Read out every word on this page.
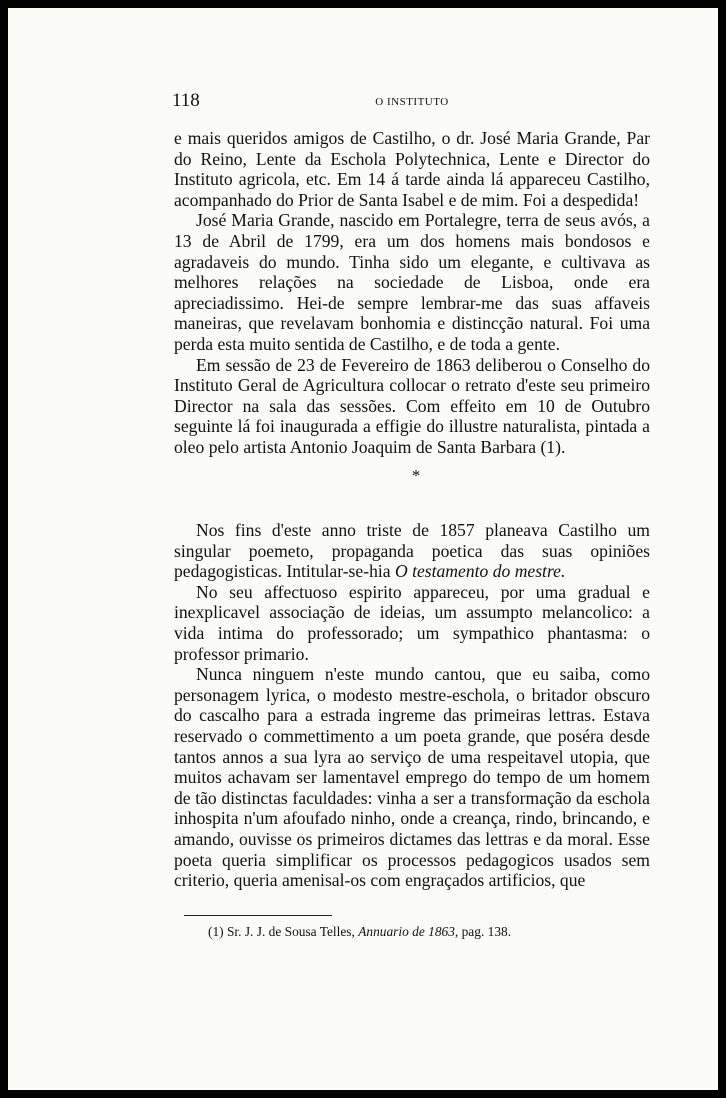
118	O INSTITUTO

e mais queridos amigos de Castilho, o dr. José Maria Grande, Par do Reino, Lente da Eschola Polytechnica, Lente e Director do Instituto agricola, etc. Em 14 á tarde ainda lá appareceu Castilho, acompanhado do Prior de Santa Isabel e de mim. Foi a despedida!

José Maria Grande, nascido em Portalegre, terra de seus avós, a 13 de Abril de 1799, era um dos homens mais bondosos e agradaveis do mundo. Tinha sido um elegante, e cultivava as melhores relações na sociedade de Lisboa, onde era apreciadissimo. Hei-de sempre lembrar-me das suas affaveis maneiras, que revelavam bonhomia e distincção natural. Foi uma perda esta muito sentida de Castilho, e de toda a gente.

Em sessão de 23 de Fevereiro de 1863 deliberou o Conselho do Instituto Geral de Agricultura collocar o retrato d'este seu primeiro Director na sala das sessões. Com effeito em 10 de Outubro seguinte lá foi inaugurada a effigie do illustre naturalista, pintada a oleo pelo artista Antonio Joaquim de Santa Barbara (1).

*

Nos fins d'este anno triste de 1857 planeava Castilho um singular poemeto, propaganda poetica das suas opiniões pedagogisticas. Intitular-se-hia O testamento do mestre.

No seu affectuoso espirito appareceu, por uma gradual e inexplicavel associação de ideias, um assumpto melancolico: a vida intima do professorado; um sympathico phantasma: o professor primario.

Nunca ninguem n'este mundo cantou, que eu saiba, como personagem lyrica, o modesto mestre-eschola, o britador obscuro do cascalho para a estrada ingreme das primeiras lettras. Estava reservado o commettimento a um poeta grande, que poséra desde tantos annos a sua lyra ao serviço de uma respeitavel utopia, que muitos achavam ser lamentavel emprego do tempo de um homem de tão distinctas faculdades: vinha a ser a transformação da eschola inhospita n'um afoufado ninho, onde a creança, rindo, brincando, e amando, ouvisse os primeiros dictames das lettras e da moral. Esse poeta queria simplificar os processos pedagogicos usados sem criterio, queria amenisal-os com engraçados artificios, que

(1) Sr. J. J. de Sousa Telles, Annuario de 1863, pag. 138.
